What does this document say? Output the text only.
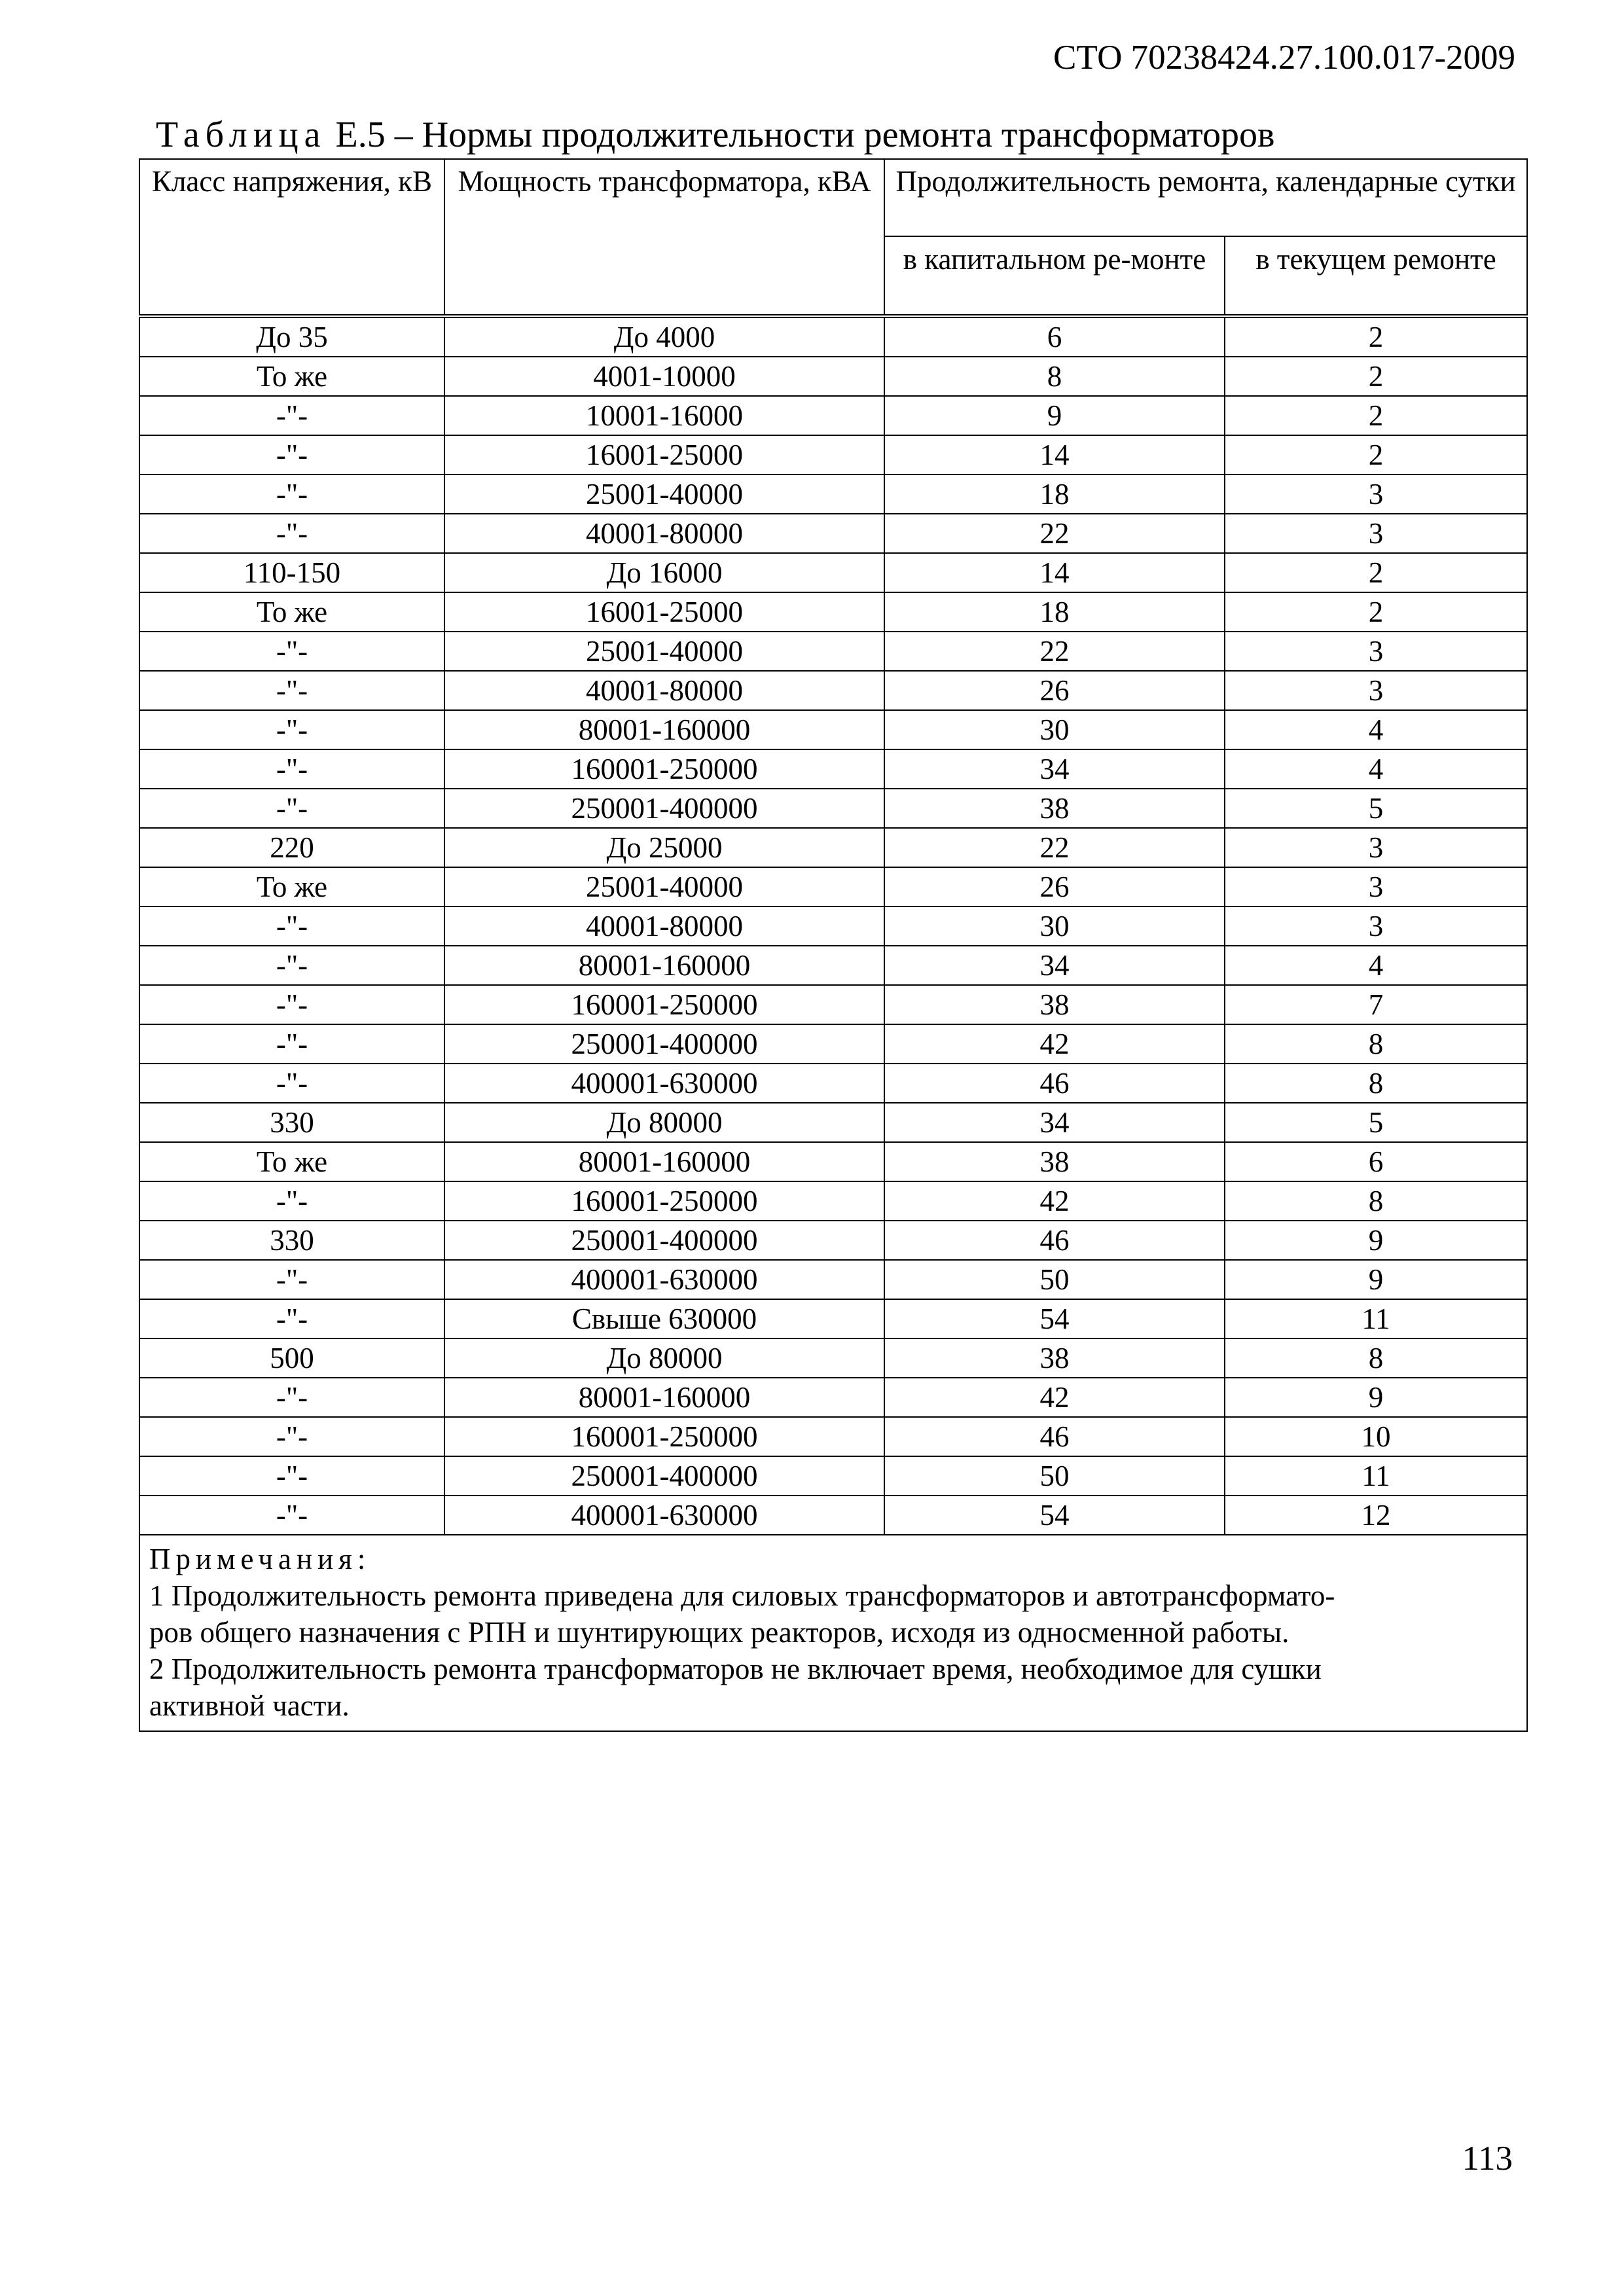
СТО 70238424.27.100.017-2009
Таблица Е.5 – Нормы продолжительности ремонта трансформаторов
Класс напряжения, кВ	Мощность трансформатора, кВА	Продолжительность ремонта, календарные сутки	
		в капитальном ре-монте	в текущем ремонте
До 35	До 4000	6	2
То же	4001-10000	8	2
-"-	10001-16000	9	2
-"-	16001-25000	14	2
-"-	25001-40000	18	3
-"-	40001-80000	22	3
110-150	До 16000	14	2
То же	16001-25000	18	2
-"-	25001-40000	22	3
-"-	40001-80000	26	3
-"-	80001-160000	30	4
-"-	160001-250000	34	4
-"-	250001-400000	38	5
220	До 25000	22	3
То же	25001-40000	26	3
-"-	40001-80000	30	3
-"-	80001-160000	34	4
-"-	160001-250000	38	7
-"-	250001-400000	42	8
-"-	400001-630000	46	8
330	До 80000	34	5
То же	80001-160000	38	6
-"-	160001-250000	42	8
330	250001-400000	46	9
-"-	400001-630000	50	9
-"-	Свыше 630000	54	11
500	До 80000	38	8
-"-	80001-160000	42	9
-"-	160001-250000	46	10
-"-	250001-400000	50	11
-"-	400001-630000	54	12

Примечания:
1 Продолжительность ремонта приведена для силовых трансформаторов и автотрансформато-
ров общего назначения с РПН и шунтирующих реакторов, исходя из односменной работы.
2 Продолжительность ремонта трансформаторов не включает время, необходимое для сушки
активной части.			
113
